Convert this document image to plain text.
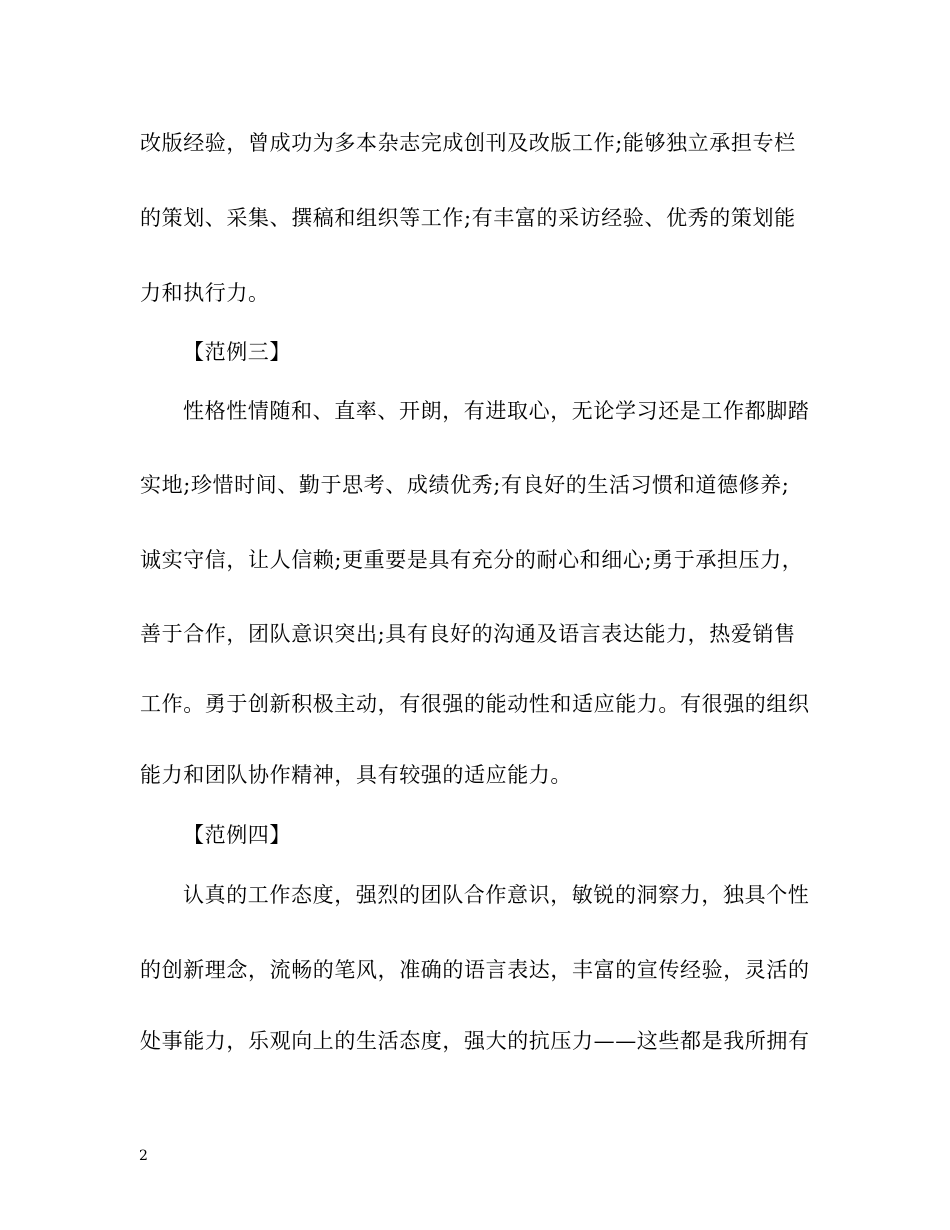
改版经验，曾成功为多本杂志完成创刊及改版工作;能够独立承担专栏
的策划、采集、撰稿和组织等工作;有丰富的采访经验、优秀的策划能
力和执行力。
【范例三】
性格性情随和、直率、开朗，有进取心，无论学习还是工作都脚踏
实地;珍惜时间、勤于思考、成绩优秀;有良好的生活习惯和道德修养;
诚实守信，让人信赖;更重要是具有充分的耐心和细心;勇于承担压力，
善于合作，团队意识突出;具有良好的沟通及语言表达能力，热爱销售
工作。勇于创新积极主动，有很强的能动性和适应能力。有很强的组织
能力和团队协作精神，具有较强的适应能力。
【范例四】
认真的工作态度，强烈的团队合作意识，敏锐的洞察力，独具个性
的创新理念，流畅的笔风，准确的语言表达，丰富的宣传经验，灵活的
处事能力，乐观向上的生活态度，强大的抗压力——这些都是我所拥有
2
